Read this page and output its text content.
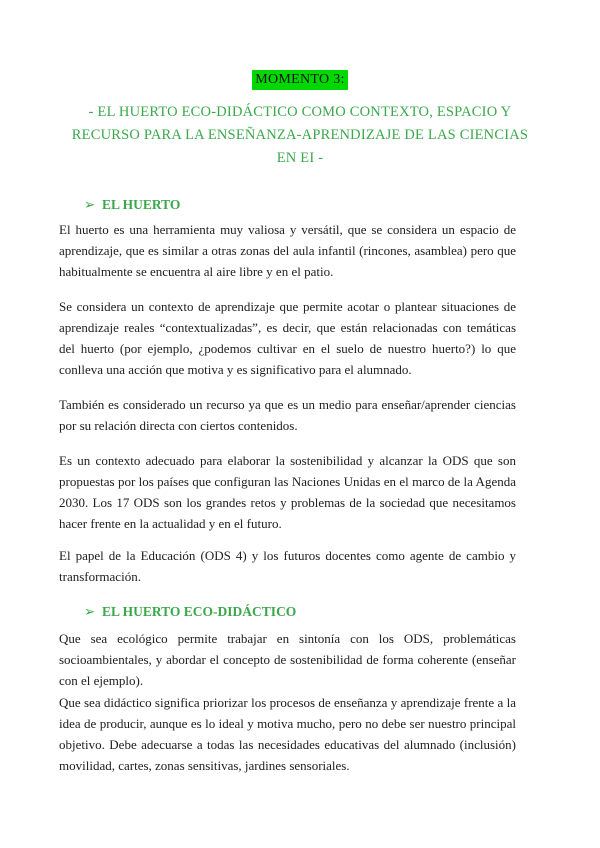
MOMENTO 3:
- EL HUERTO ECO-DIDÁCTICO COMO CONTEXTO, ESPACIO Y RECURSO PARA LA ENSEÑANZA-APRENDIZAJE DE LAS CIENCIAS EN EI -
➢ EL HUERTO

El huerto es una herramienta muy valiosa y versátil, que se considera un espacio de aprendizaje, que es similar a otras zonas del aula infantil (rincones, asamblea) pero que habitualmente se encuentra al aire libre y en el patio.

Se considera un contexto de aprendizaje que permite acotar o plantear situaciones de aprendizaje reales “contextualizadas”, es decir, que están relacionadas con temáticas del huerto (por ejemplo, ¿podemos cultivar en el suelo de nuestro huerto?) lo que conlleva una acción que motiva y es significativo para el alumnado.

También es considerado un recurso ya que es un medio para enseñar/aprender ciencias por su relación directa con ciertos contenidos.

Es un contexto adecuado para elaborar la sostenibilidad y alcanzar la ODS que son propuestas por los países que configuran las Naciones Unidas en el marco de la Agenda 2030. Los 17 ODS son los grandes retos y problemas de la sociedad que necesitamos hacer frente en la actualidad y en el futuro.

El papel de la Educación (ODS 4) y los futuros docentes como agente de cambio y transformación.

➢ EL HUERTO ECO-DIDÁCTICO

Que sea ecológico permite trabajar en sintonía con los ODS, problemáticas socioambientales, y abordar el concepto de sostenibilidad de forma coherente (enseñar con el ejemplo).

Que sea didáctico significa priorizar los procesos de enseñanza y aprendizaje frente a la idea de producir, aunque es lo ideal y motiva mucho, pero no debe ser nuestro principal objetivo. Debe adecuarse a todas las necesidades educativas del alumnado (inclusión) movilidad, cartes, zonas sensitivas, jardines sensoriales.
